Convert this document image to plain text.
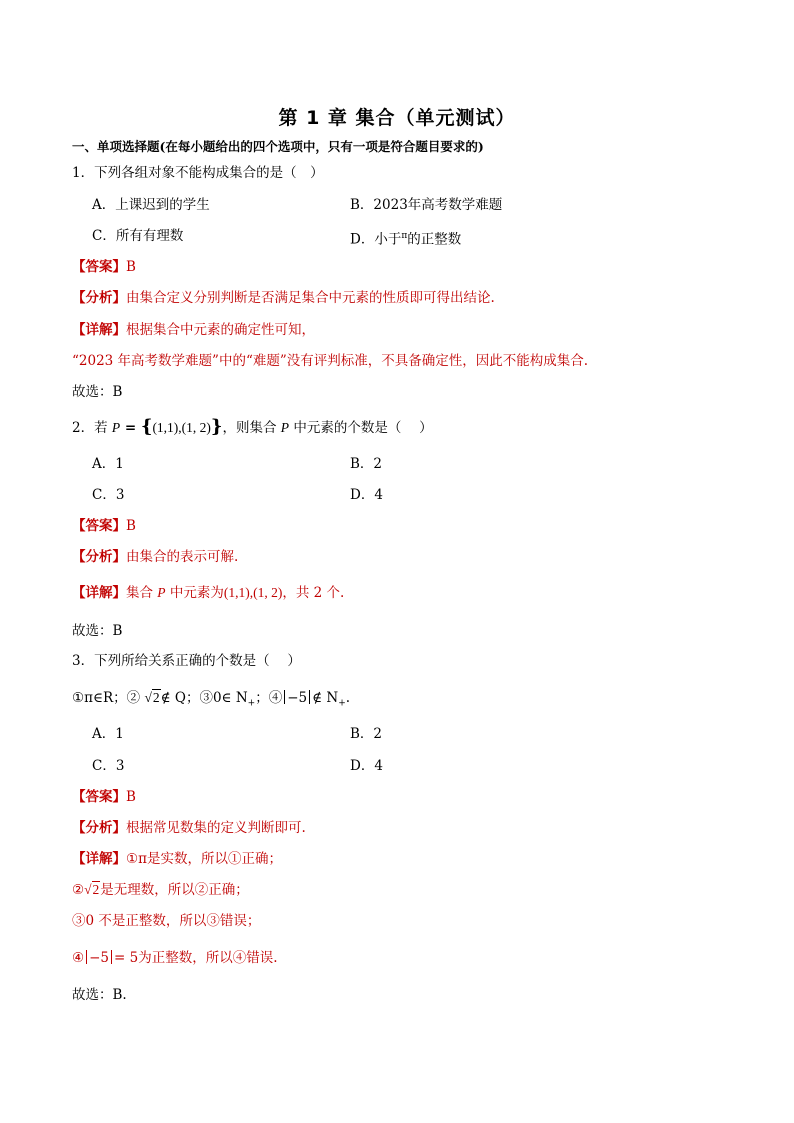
第 1 章 集合（单元测试）
一、单项选择题(在每小题给出的四个选项中，只有一项是符合题目要求的)
1．下列各组对象不能构成集合的是（　）
A．上课迟到的学生	B．2023年高考数学难题
C．所有有理数	D．小于$^\pi$的正整数
【答案】B
【分析】由集合定义分别判断是否满足集合中元素的性质即可得出结论.
【详解】根据集合中元素的确定性可知，
“2023 年高考数学难题”中的“难题”没有评判标准，不具备确定性，因此不能构成集合.
故选：B
2．若 P = {(1,1),(1, 2)}，则集合 P 中元素的个数是（　 ）
A．1	B．2
C．3	D．4
【答案】B
【分析】由集合的表示可解.
【详解】集合 P 中元素为(1,1),(1, 2)，共 2 个.
故选：B
3．下列所给关系正确的个数是（　 ）
①π∈R；② √2∉ Q；③0∈ $N_+$；④ −5 ∉ $N_+$.
A．1	B．2
C．3	D．4
【答案】B
【分析】根据常见数集的定义判断即可.
【详解】①π是实数，所以①正确；
②√2是无理数，所以②正确；
③0 不是正整数，所以③错误；
④ −5 = 5为正整数，所以④错误.
故选：B.
